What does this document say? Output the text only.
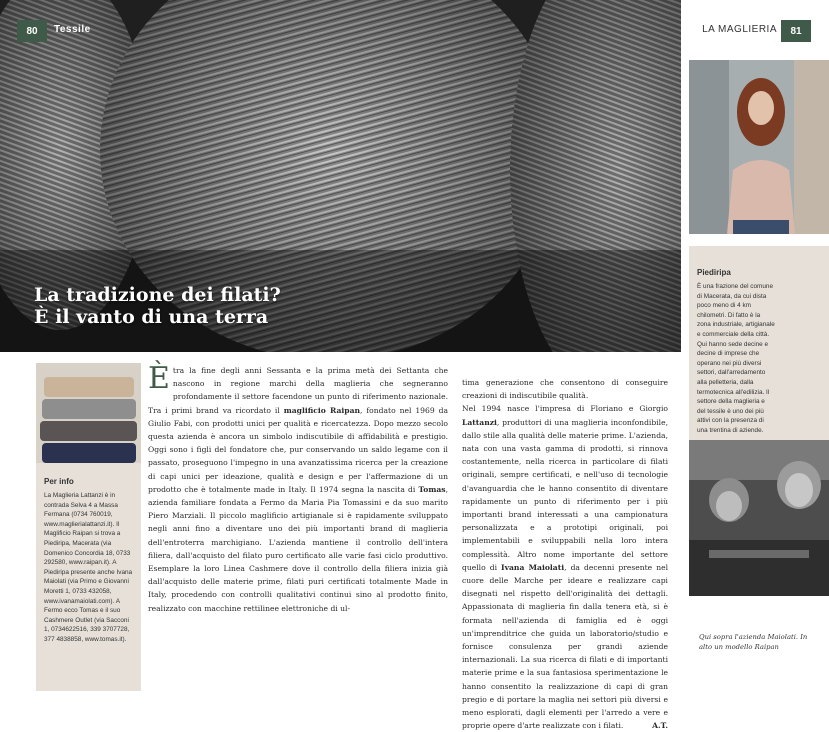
80	Tessile	LA MAGLIERIA	81
La tradizione dei filati?
È il vanto di una terra
Piediripa
È una frazione del comune di Macerata, da cui dista poco meno di 4 km chilometri. Di fatto è la zona industriale, artigianale e commerciale della città. Qui hanno sede decine e decine di imprese che operano nei più diversi settori, dall'arredamento alla pelletteria, dalla termotecnica all'edilizia. Il settore della maglieria e del tessile è uno dei più attivi con la presenza di una trentina di aziende.
Qui sopra l'azienda Maiolati. In alto un modello Raipan
Per info
La Maglieria Lattanzi è in contrada Selva 4 a Massa Fermana (0734 760019, www.maglierialattanzi.it). Il Maglificio Raipan si trova a Piediripa, Macerata (via Domenico Concordia 18, 0733 292580, www.raipan.it). A Piediripa presente anche Ivana Maiolati (via Primo e Giovanni Moretti 1, 0733 432058, www.ivanamaiolati.com). A Fermo ecco Tomas e il suo Cashmere Outlet (via Sacconi 1, 0734622516, 339 3707728, 377 4838858, www.tomas.it).

Ètra la fine degli anni Sessanta e la prima metà dei Settanta che nascono in regione marchi della maglieria che segneranno profondamente il settore facendone un punto di riferimento nazionale. Tra i primi brand va ricordato il maglificio Raipan, fondato nel 1969 da Giulio Fabi, con prodotti unici per qualità e ricercatezza. Dopo mezzo secolo questa azienda è ancora un simbolo indiscutibile di affidabilità e prestigio. Oggi sono i figli del fondatore che, pur conservando un saldo legame con il passato, proseguono l'impegno in una avanzatissima ricerca per la creazione di capi unici per ideazione, qualità e design e per l'affermazione di un prodotto che è totalmente made in Italy. Il 1974 segna la nascita di Tomas, azienda familiare fondata a Fermo da Maria Pia Tomassini e da suo marito Piero Marziali. Il piccolo maglificio artigianale si è rapidamente sviluppato negli anni fino a diventare uno dei più importanti brand di maglieria dell'entroterra marchigiano. L'azienda mantiene il controllo dell'intera filiera, dall'acquisto del filato puro certificato alle varie fasi ciclo produttivo. Esemplare la loro Linea Cashmere dove il controllo della filiera inizia già dall'acquisto delle materie prime, filati puri certificati totalmente Made in Italy, procedendo con controlli qualitativi continui sino al prodotto finito, realizzato con macchine rettilinee elettroniche di ul-

tima generazione che consentono di conseguire creazioni di indiscutibile qualità.

Nel 1994 nasce l'impresa di Floriano e Giorgio Lattanzi, produttori di una maglieria inconfondibile, dallo stile alla qualità delle materie prime. L'azienda, nata con una vasta gamma di prodotti, si rinnova costantemente, nella ricerca in particolare di filati originali, sempre certificati, e nell'uso di tecnologie d'avanguardia che le hanno consentito di diventare rapidamente un punto di riferimento per i più importanti brand interessati a una campionatura personalizzata e a prototipi originali, poi implementabili e sviluppabili nella loro intera complessità. Altro nome importante del settore quello di Ivana Maiolati, da decenni presente nel cuore delle Marche per ideare e realizzare capi disegnati nel rispetto dell'originalità dei dettagli. Appassionata di maglieria fin dalla tenera età, si è formata nell'azienda di famiglia ed è oggi un'imprenditrice che guida un laboratorio/studio e fornisce consulenza per grandi aziende internazionali. La sua ricerca di filati e di importanti materie prime e la sua fantasiosa sperimentazione le hanno consentito la realizzazione di capi di gran pregio e di portare la maglia nei settori più diversi e meno esplorati, dagli elementi per l'arredo a vere e proprie opere d'arte realizzate con i filati.	A.T.
